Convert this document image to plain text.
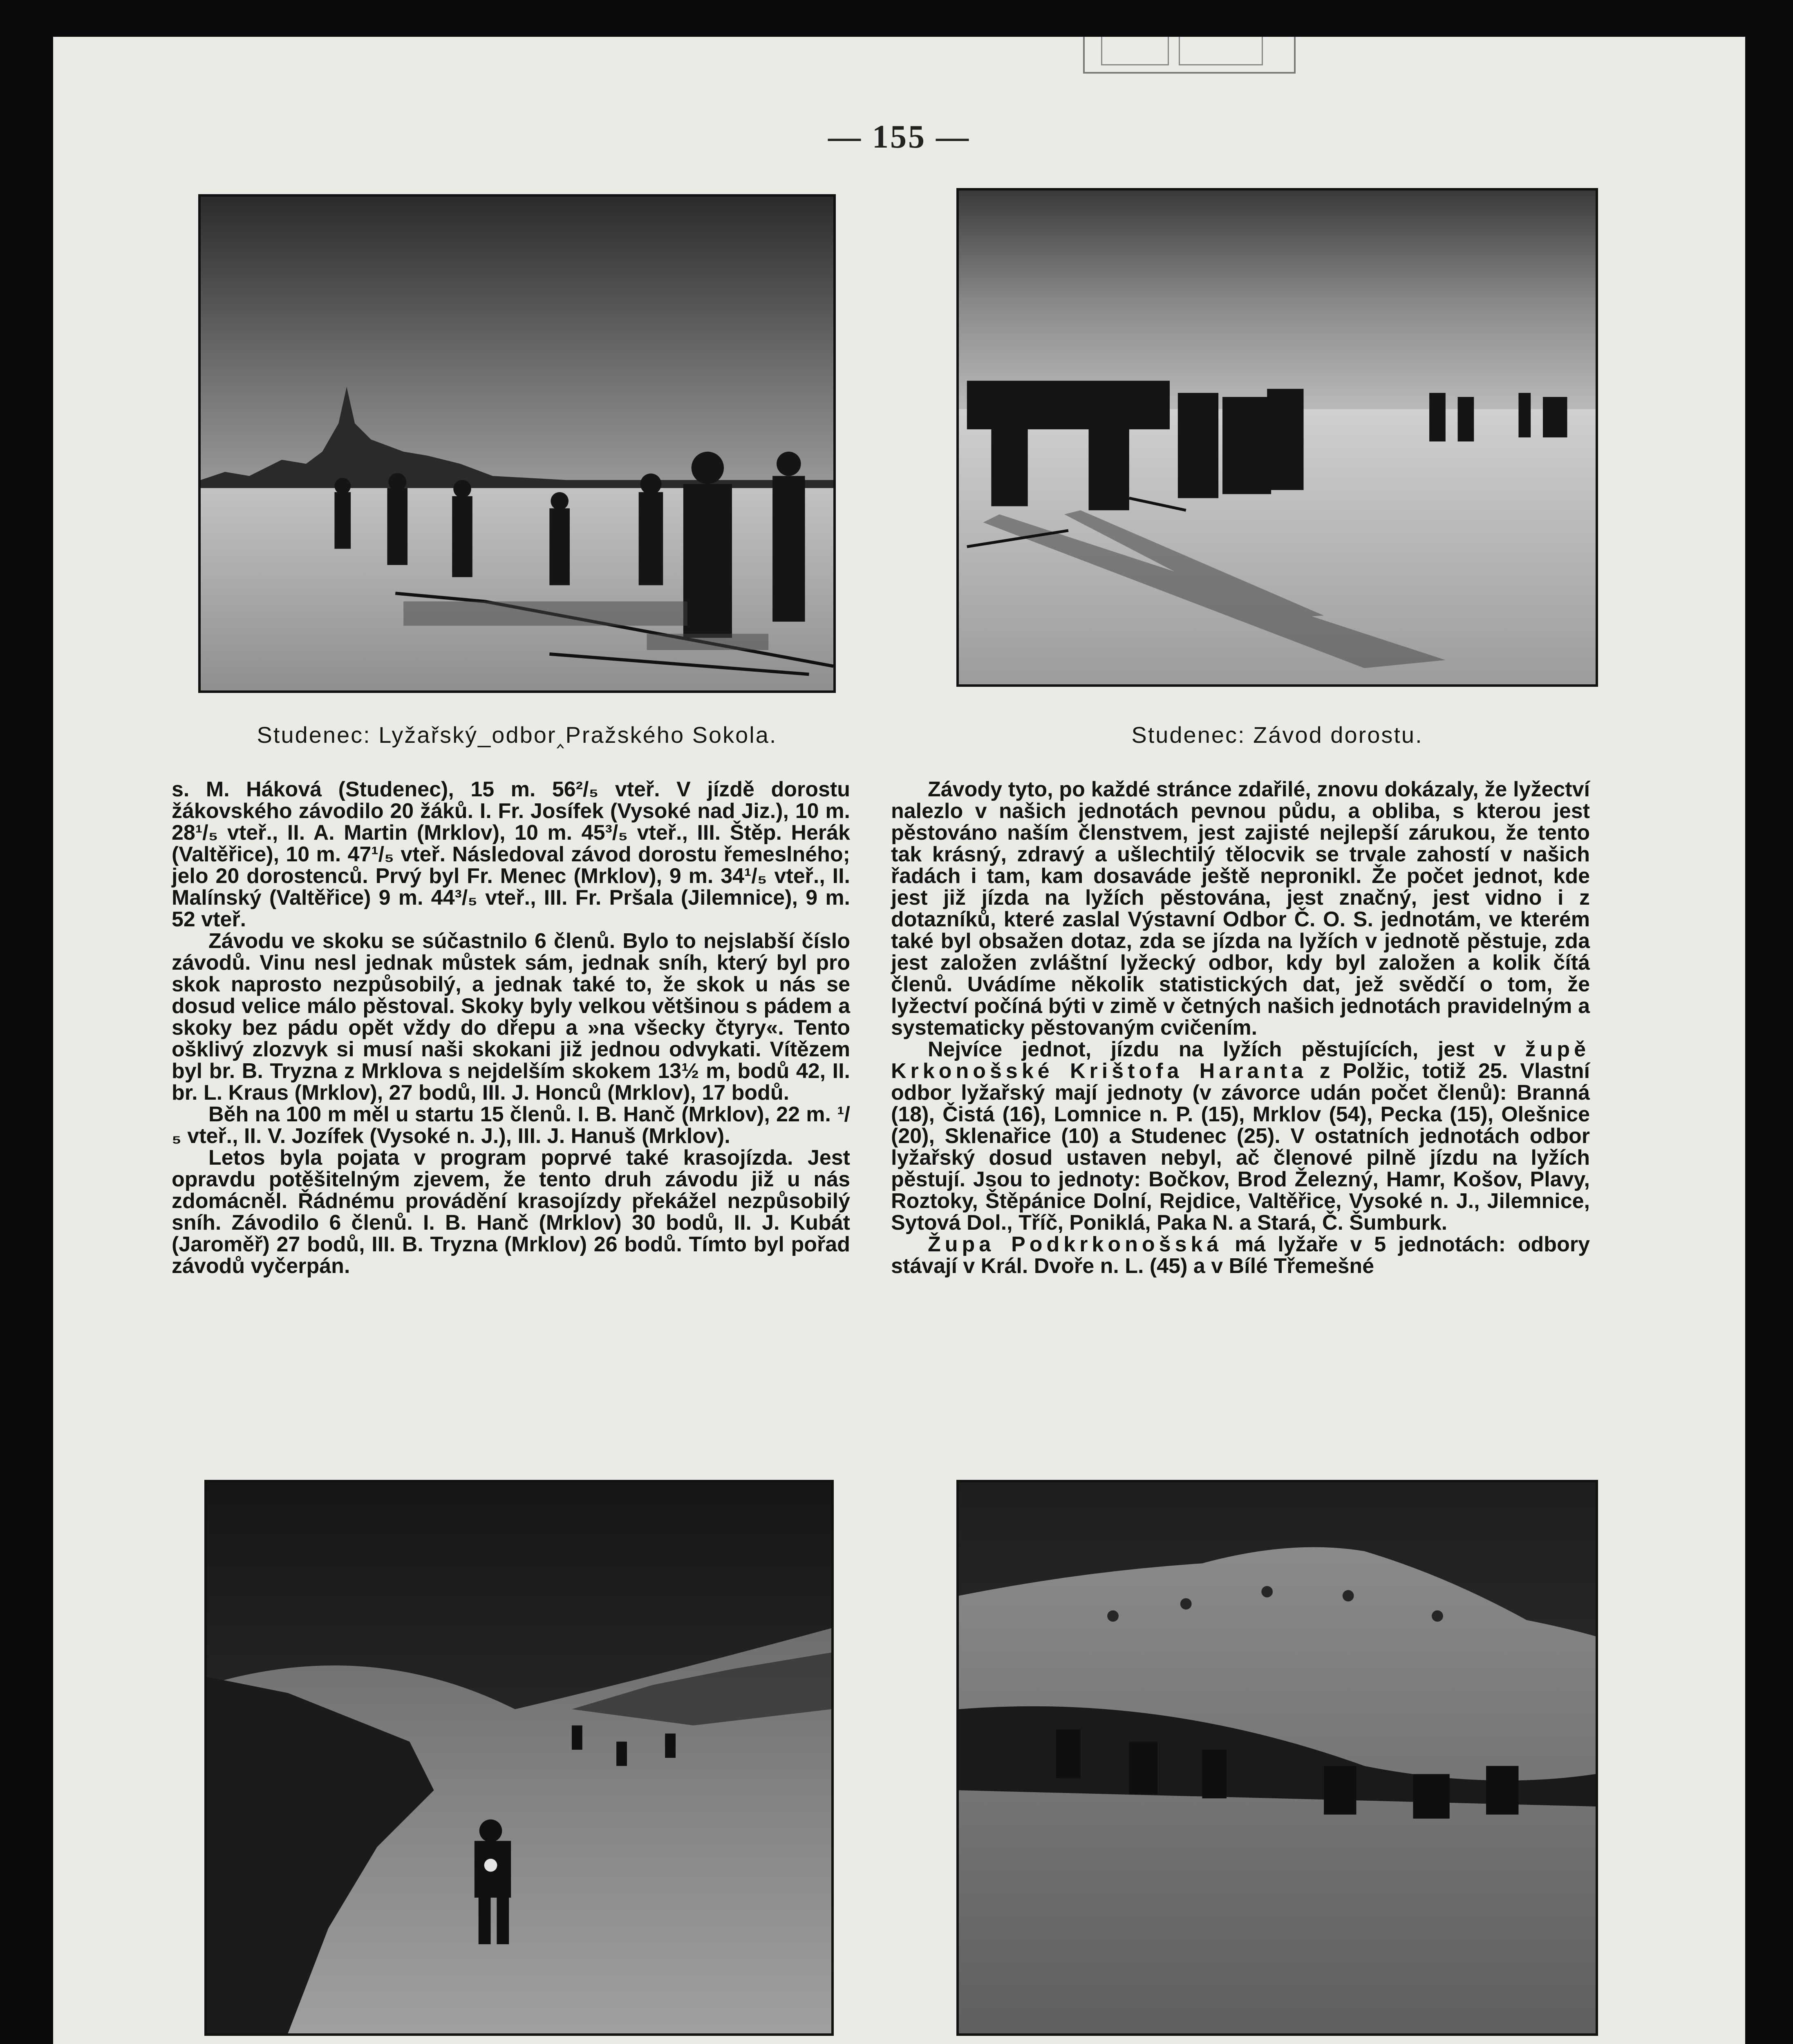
— 155 —
Studenec: Lyžařský_odbor‸Pražského Sokola.	Studenec: Závod dorostu.

s. M. Háková (Studenec), 15 m. 56²/₅ vteř. V jízdě dorostu žákovského závodilo 20 žáků. I. Fr. Josífek (Vysoké nad Jiz.), 10 m. 28¹/₅ vteř., II. A. Martin (Mrklov), 10 m. 45³/₅ vteř., III. Štěp. Herák (Valtěřice), 10 m. 47¹/₅ vteř. Následoval závod dorostu řemeslného; jelo 20 dorostenců. Prvý byl Fr. Menec (Mrklov), 9 m. 34¹/₅ vteř., II. Malínský (Valtěřice) 9 m. 44³/₅ vteř., III. Fr. Pršala (Jilemnice), 9 m. 52 vteř.

Závodu ve skoku se súčastnilo 6 členů. Bylo to nejslabší číslo závodů. Vinu nesl jednak můstek sám, jednak sníh, který byl pro skok naprosto nezpůsobilý, a jednak také to, že skok u nás se dosud velice málo pěstoval. Skoky byly velkou většinou s pádem a skoky bez pádu opět vždy do dřepu a »na všecky čtyry«. Tento ošklivý zlozvyk si musí naši skokani již jednou odvykati. Vítězem byl br. B. Tryzna z Mrklova s nejdelším skokem 13½ m, bodů 42, II. br. L. Kraus (Mrklov), 27 bodů, III. J. Honců (Mrklov), 17 bodů.

Běh na 100 m měl u startu 15 členů. I. B. Hanč (Mrklov), 22 m. ¹/₅ vteř., II. V. Jozífek (Vysoké n. J.), III. J. Hanuš (Mrklov).

Letos byla pojata v program poprvé také krasojízda. Jest opravdu potěšitelným zjevem, že tento druh závodu již u nás zdomácněl. Řádnému provádění krasojízdy překážel nezpůsobilý sníh. Závodilo 6 členů. I. B. Hanč (Mrklov) 30 bodů, II. J. Kubát (Jaroměř) 27 bodů, III. B. Tryzna (Mrklov) 26 bodů. Tímto byl pořad závodů vyčerpán.

Závody tyto, po každé stránce zdařilé, znovu dokázaly, že lyžectví nalezlo v našich jednotách pevnou půdu, a obliba, s kterou jest pěstováno naším členstvem, jest zajisté nejlepší zárukou, že tento tak krásný, zdravý a ušlechtilý tělocvik se trvale zahostí v našich řadách i tam, kam dosaváde ještě nepronikl. Že počet jednot, kde jest již jízda na lyžích pěstována, jest značný, jest vidno i z dotazníků, které zaslal Výstavní Odbor Č. O. S. jednotám, ve kterém také byl obsažen dotaz, zda se jízda na lyžích v jednotě pěstuje, zda jest založen zvláštní lyžecký odbor, kdy byl založen a kolik čítá členů. Uvádíme několik statistických dat, jež svědčí o tom, že lyžectví počíná býti v zimě v četných našich jednotách pravidelným a systematicky pěstovaným cvičením.

Nejvíce jednot, jízdu na lyžích pěstujících, jest v župě Krkonošské Krištofa Haranta z Polžic, totiž 25. Vlastní odbor lyžařský mají jednoty (v závorce udán počet členů): Branná (18), Čistá (16), Lomnice n. P. (15), Mrklov (54), Pecka (15), Olešnice (20), Sklenařice (10) a Studenec (25). V ostatních jednotách odbor lyžařský dosud ustaven nebyl, ač členové pilně jízdu na lyžích pěstují. Jsou to jednoty: Bočkov, Brod Železný, Hamr, Košov, Plavy, Roztoky, Štěpánice Dolní, Rejdice, Valtěřice, Vysoké n. J., Jilemnice, Sytová Dol., Tříč, Poniklá, Paka N. a Stará, Č. Šumburk.

Župa Podkrkonošská má lyžaře v 5 jednotách: odbory stávají v Král. Dvoře n. L. (45) a v Bílé Třemešné
